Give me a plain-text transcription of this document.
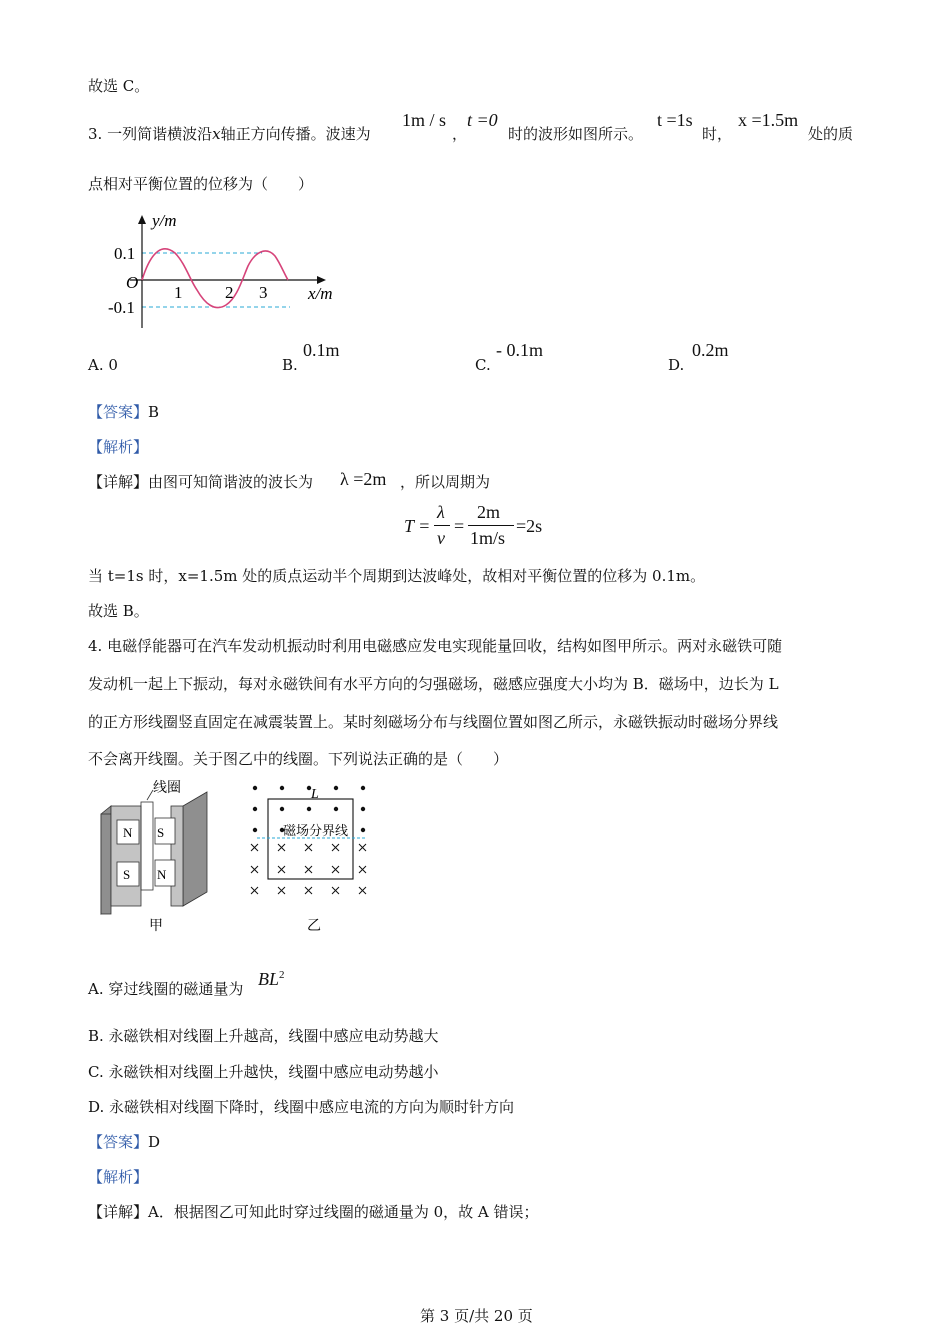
故选 C。
3. 一列简谐横波沿x轴正方向传播。波速为
1m / s
，
t =0
时的波形如图所示。
t =1s
时，
x =1.5m
处的质
点相对平衡位置的位移为（　　）
y/m
x/m
O
0.1
-0.1
1	2 3
A. 0	B.
0.1m
C.
- 0.1m
D.
0.2m
【答案】B
【解析】
【详解】由图可知简谐波的波长为 λ =2m ，所以周期为
T =
λ
v
=
2m
1m/s
=2s
当 t=1s 时，x=1.5m 处的质点运动半个周期到达波峰处，故相对平衡位置的位移为 0.1m。
故选 B。
4. 电磁俘能器可在汽车发动机振动时利用电磁感应发电实现能量回收，结构如图甲所示。两对永磁铁可随
发动机一起上下振动，每对永磁铁间有水平方向的匀强磁场，磁感应强度大小均为 B．磁场中，边长为 L
的正方形线圈竖直固定在减震装置上。某时刻磁场分布与线圈位置如图乙所示，永磁铁振动时磁场分界线
不会离开线圈。关于图乙中的线圈。下列说法正确的是（　　）
N
S
S
N
线圈
甲
L
磁场分界线
乙
A. 穿过线圈的磁通量为 $BL^2$
B. 永磁铁相对线圈上升越高，线圈中感应电动势越大
C. 永磁铁相对线圈上升越快，线圈中感应电动势越小
D. 永磁铁相对线圈下降时，线圈中感应电流的方向为顺时针方向
【答案】D
【解析】
【详解】A．根据图乙可知此时穿过线圈的磁通量为 0，故 A 错误；
第 3 页/共 20 页
